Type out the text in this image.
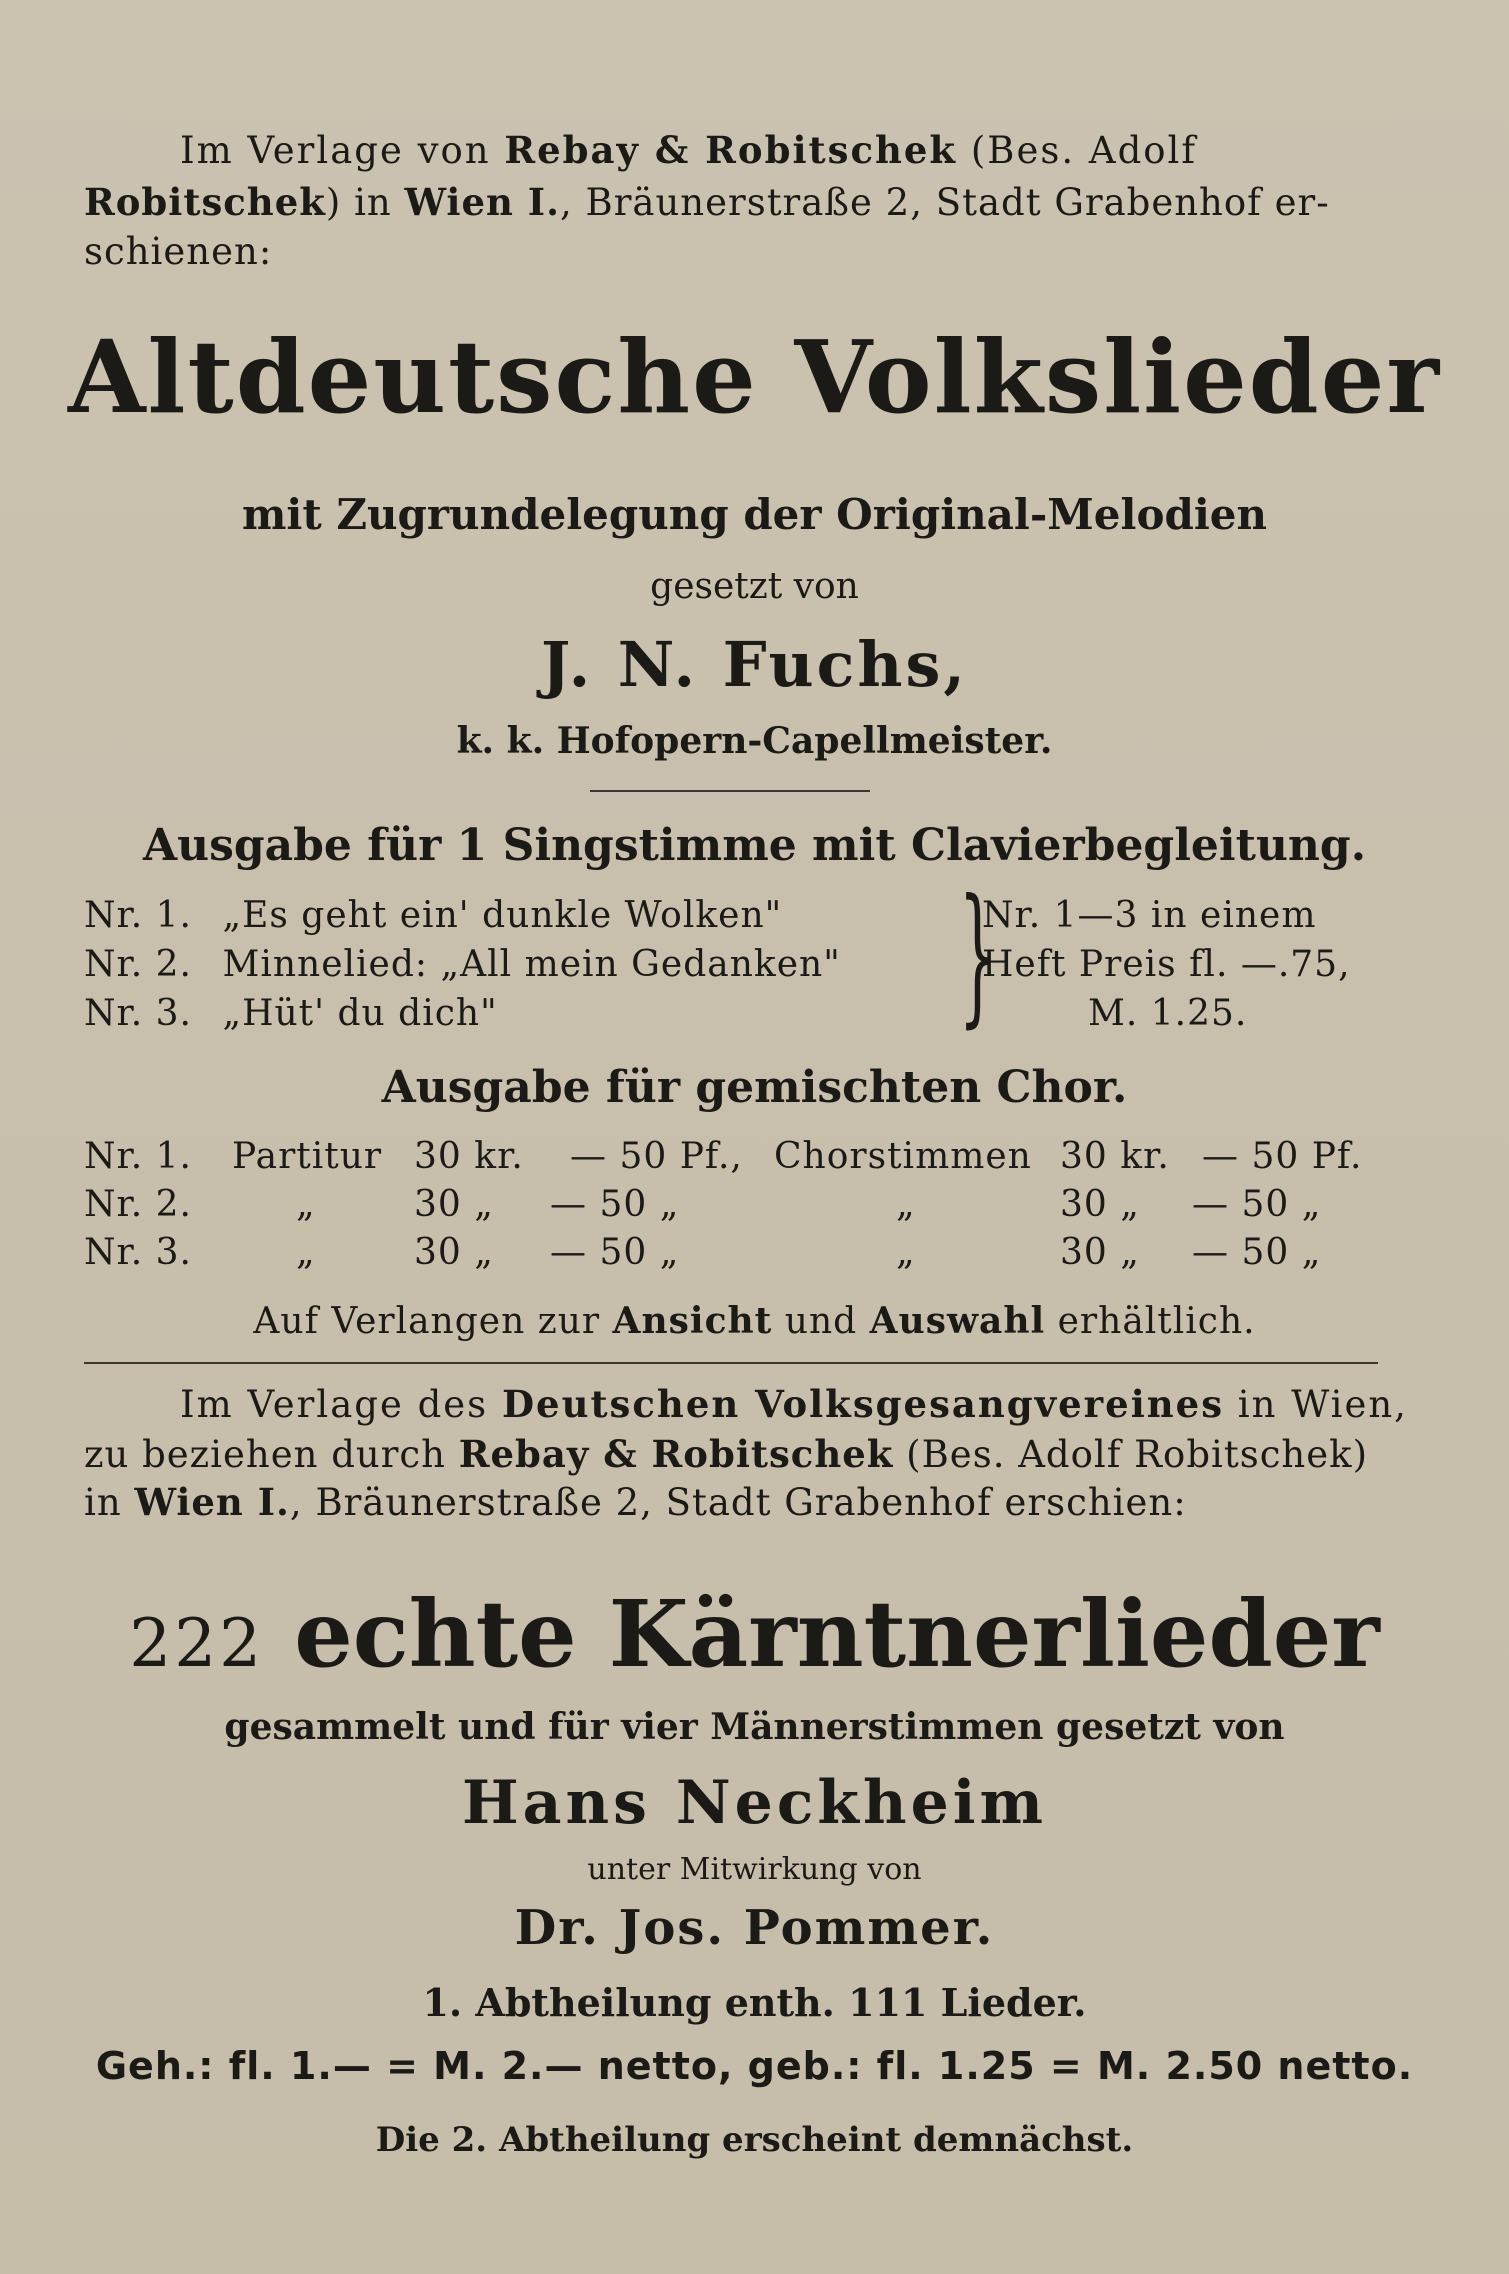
Im Verlage von Rebay & Robitschek (Bes. Adolf
Robitschek) in Wien I., Bräunerstraße 2, Stadt Grabenhof er-
schienen:
Altdeutsche Volkslieder
mit Zugrundelegung der Original-Melodien
gesetzt von
J. N. Fuchs,
k. k. Hofopern-Capellmeister.
Ausgabe für 1 Singstimme mit Clavierbegleitung.
Nr. 1. „Es geht ein' dunkle Wolken"
Nr. 2. Minnelied: „All mein Gedanken"
Nr. 3. „Hüt' du dich"	}
Nr. 1—3 in einem
Heft Preis fl. —.75,
M. 1.25.
Ausgabe für gemischten Chor.
Nr. 1. Partitur 30 kr. — 50 Pf., Chorstimmen 30 kr. — 50 Pf.
Nr. 2.	„	30 „ — 50 „	„	30 „ — 50 „
Nr. 3.	„	30 „ — 50 „	„	30 „ — 50 „
Auf Verlangen zur Ansicht und Auswahl erhältlich.
Im Verlage des Deutschen Volksgesangvereines in Wien,
zu beziehen durch Rebay & Robitschek (Bes. Adolf Robitschek)
in Wien I., Bräunerstraße 2, Stadt Grabenhof erschien:
222 echte Kärntnerlieder
gesammelt und für vier Männerstimmen gesetzt von
Hans Neckheim
unter Mitwirkung von
Dr. Jos. Pommer.
1. Abtheilung enth. 111 Lieder.
Geh.: fl. 1.— = M. 2.— netto, geb.: fl. 1.25 = M. 2.50 netto.
Die 2. Abtheilung erscheint demnächst.
